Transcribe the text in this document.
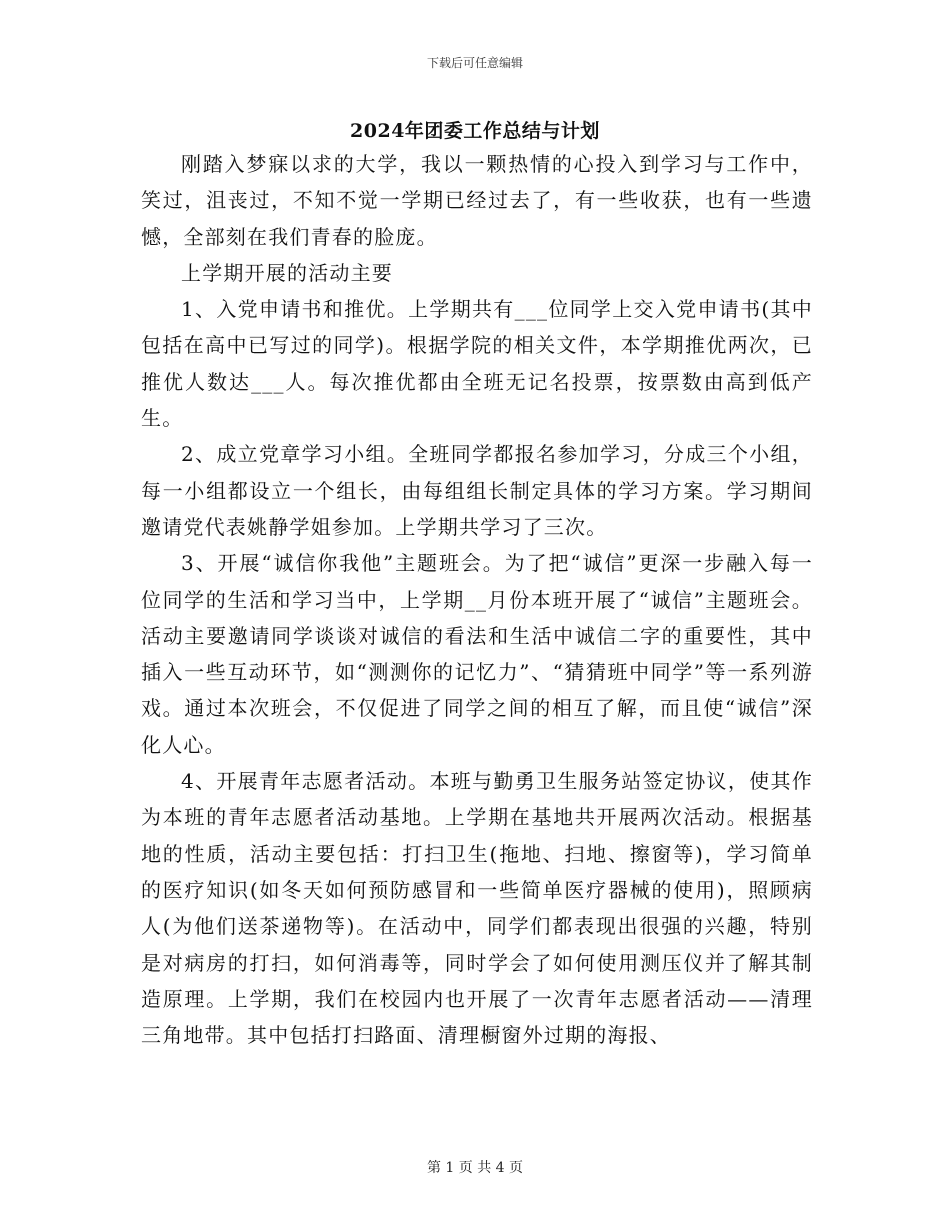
下载后可任意编辑
2024年团委工作总结与计划

刚踏入梦寐以求的大学，我以一颗热情的心投入到学习与工作中，笑过，沮丧过，不知不觉一学期已经过去了，有一些收获，也有一些遗憾，全部刻在我们青春的脸庞。

上学期开展的活动主要

1、入党申请书和推优。上学期共有___位同学上交入党申请书(其中包括在高中已写过的同学)。根据学院的相关文件，本学期推优两次，已推优人数达___人。每次推优都由全班无记名投票，按票数由高到低产生。

2、成立党章学习小组。全班同学都报名参加学习，分成三个小组，每一小组都设立一个组长，由每组组长制定具体的学习方案。学习期间邀请党代表姚静学姐参加。上学期共学习了三次。

3、开展“诚信你我他”主题班会。为了把“诚信”更深一步融入每一位同学的生活和学习当中，上学期__月份本班开展了“诚信”主题班会。活动主要邀请同学谈谈对诚信的看法和生活中诚信二字的重要性，其中插入一些互动环节，如“测测你的记忆力”、“猜猜班中同学”等一系列游戏。通过本次班会，不仅促进了同学之间的相互了解，而且使“诚信”深化人心。

4、开展青年志愿者活动。本班与勤勇卫生服务站签定协议，使其作为本班的青年志愿者活动基地。上学期在基地共开展两次活动。根据基地的性质，活动主要包括：打扫卫生(拖地、扫地、擦窗等)，学习简单的医疗知识(如冬天如何预防感冒和一些简单医疗器械的使用)，照顾病人(为他们送茶递物等)。在活动中，同学们都表现出很强的兴趣，特别是对病房的打扫，如何消毒等，同时学会了如何使用测压仪并了解其制造原理。上学期，我们在校园内也开展了一次青年志愿者活动——清理三角地带。其中包括打扫路面、清理橱窗外过期的海报、

第 1 页 共 4 页
